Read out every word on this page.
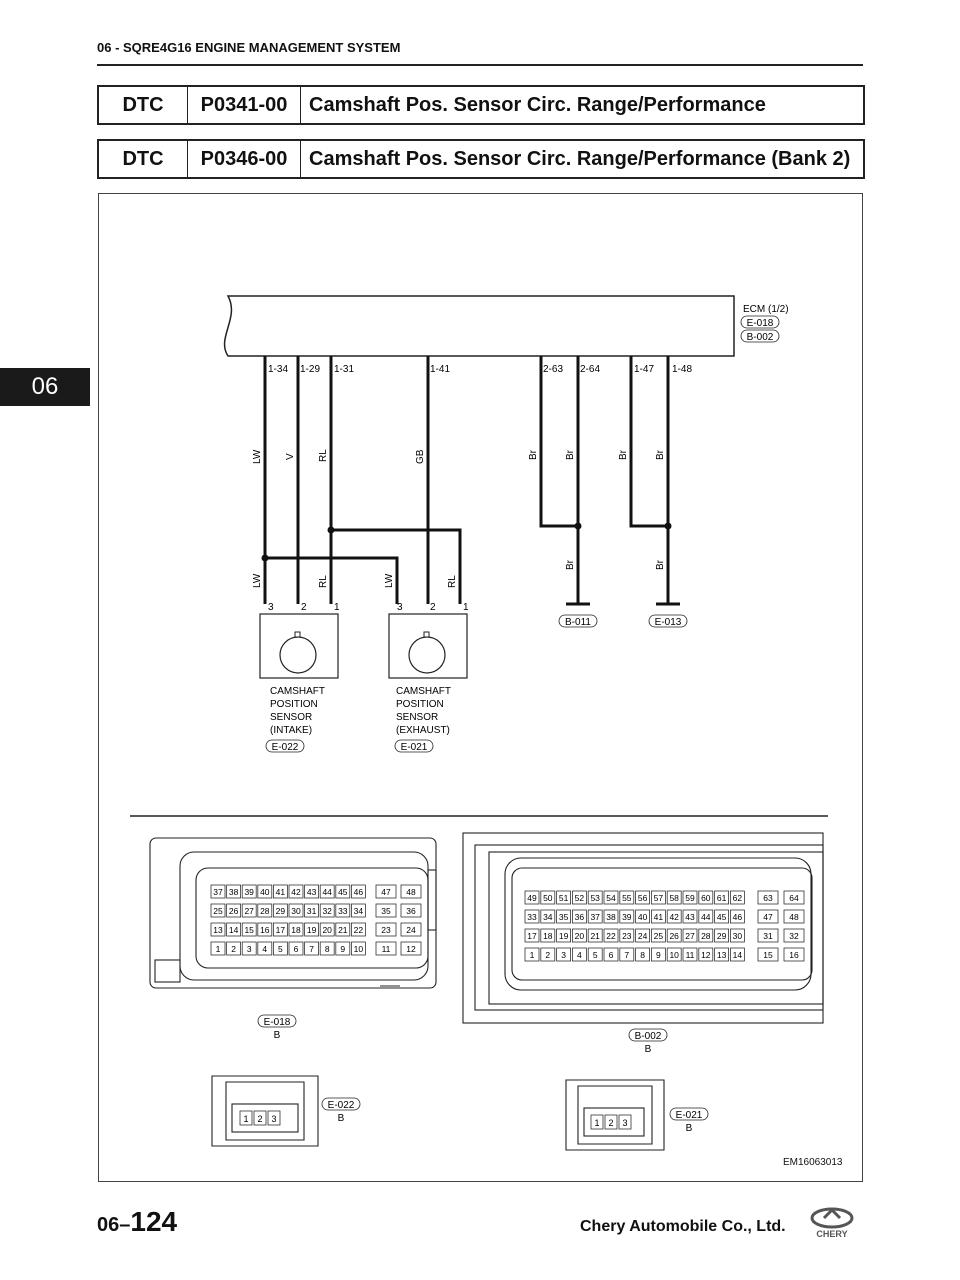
06 - SQRE4G16 ENGINE MANAGEMENT SYSTEM
06
DTC	P0341-00	Camshaft Pos. Sensor Circ. Range/Performance
DTC	P0346-00	Camshaft Pos. Sensor Circ. Range/Performance (Bank 2)
ECM (1/2)
E-018
B-002
1-34 1-29 1-31	1-41	2-63 2-64	1-47 1-48
LW V RL	GB	Br	Br	Br	Br
LW	RL	LW	RL
Br	Br
3	2	1
CAMSHAFT
POSITION
SENSOR
(INTAKE)
E-022
3	2	1
CAMSHAFT
POSITION
SENSOR
(EXHAUST)
E-021
B-011	E-013
37 38 39 40 41 42 43 44 45 46 47 48
25 26 27 28 29 30 31 32 33 34 35 36
13 14 15 16 17 18 19 20 21 22 23 24
1 2 3 4 5 6 7 8 9 10 11 12
E-018
B
49 50 51 52 53 54 55 56 57 58 59 60 61 62 63 64
33 34 35 36 37 38 39 40 41 42 43 44 45 46 47 48
17 18 19 20 21 22 23 24 25 26 27 28 29 30 31 32
1 2 3 4 5 6 7 8 9 10 11 12 13 14 15 16
B-002
B
1 2 3
E-022
B	1 2 3
E-021
B
EM16063013
06–124	Chery Automobile Co., Ltd.	CHERY
